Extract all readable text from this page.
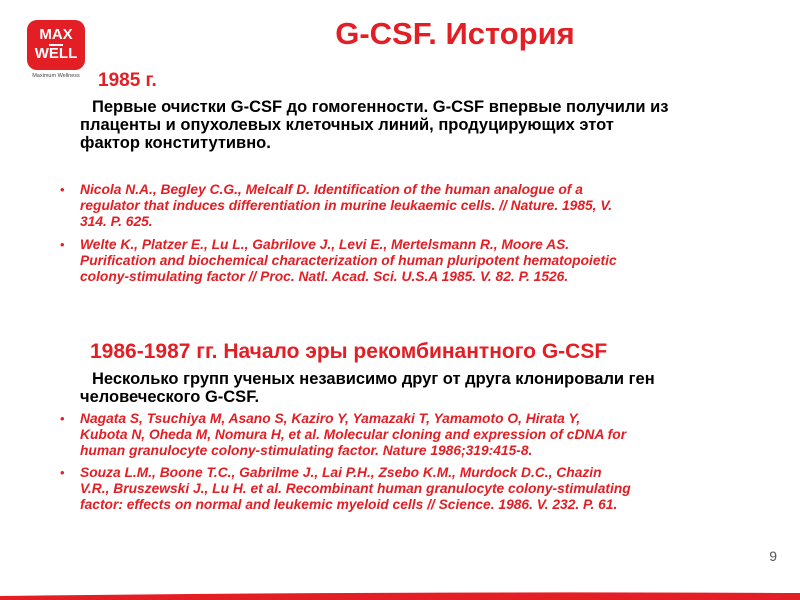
MAX
WELL
Maximum Wellness
G-CSF. История
1985 г.
Первые очистки G-CSF до гомогенности. G-CSF впервые получили из
плаценты и опухолевых клеточных линий, продуцирующих этот
фактор конститутивно.
• Nicola N.A., Begley C.G., Melcalf D. Identification of the human analogue of a
regulator that induces differentiation in murine leukaemic cells. // Nature. 1985, V.
314. P. 625.
• Welte K., Platzer E., Lu L., Gabrilove J., Levi E., Mertelsmann R., Moore AS.
Purification and biochemical characterization of human pluripotent hematopoietic
colony-stimulating factor // Proc. Natl. Acad. Sci. U.S.A 1985. V. 82. P. 1526.
1986-1987 гг. Начало эры рекомбинантного G-CSF
Несколько групп ученых независимо друг от друга клонировали ген
человеческого G-CSF.
• Nagata S, Tsuchiya M, Asano S, Kaziro Y, Yamazaki T, Yamamoto O, Hirata Y,
Kubota N, Oheda M, Nomura H, et al. Molecular cloning and expression of cDNA for
human granulocyte colony-stimulating factor. Nature 1986;319:415-8.
• Souza L.M., Boone T.C., Gabrilme J., Lai P.H., Zsebo K.M., Murdock D.C., Chazin
V.R., Bruszewski J., Lu H. et al. Recombinant human granulocyte colony-stimulating
factor: effects on normal and leukemic myeloid cells // Science. 1986. V. 232. P. 61.
9
